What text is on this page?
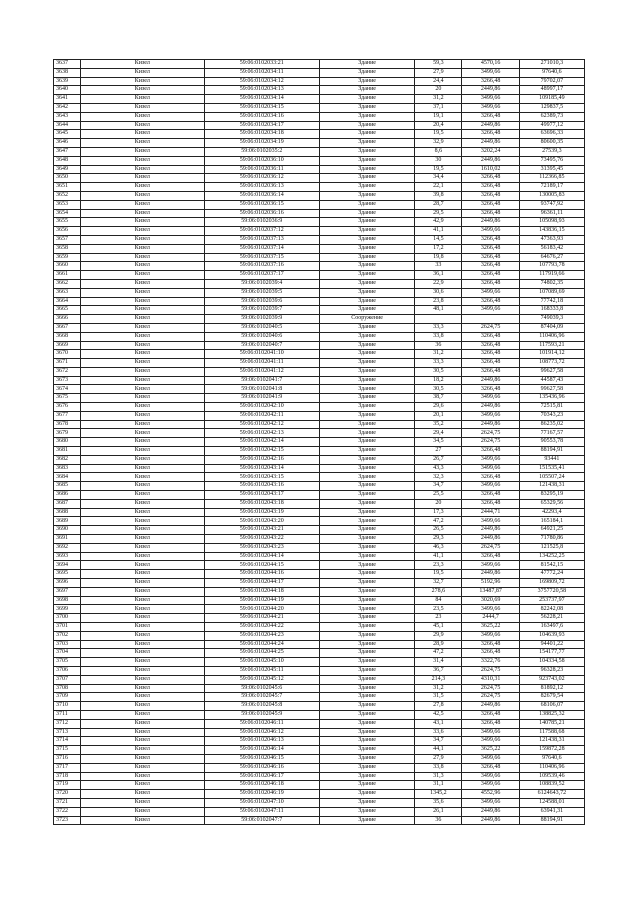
3637	Кизел	59:06:0102033:21	Здание	59,3	4570,16	271010,3
3638	Кизел	59:06:0102034:11	Здание	27,9	3499,66	97640,6
3639	Кизел	59:06:0102034:12	Здание	24,4	3266,48	79702,07
3640	Кизел	59:06:0102034:13	Здание	20	2449,86	48997,17
3641	Кизел	59:06:0102034:14	Здание	31,2	3499,66	109185,49
3642	Кизел	59:06:0102034:15	Здание	37,1	3499,66	129837,5
3643	Кизел	59:06:0102034:16	Здание	19,1	3266,48	62389,73
3644	Кизел	59:06:0102034:17	Здание	20,4	2449,86	49977,12
3645	Кизел	59:06:0102034:18	Здание	19,5	3266,48	63696,33
3646	Кизел	59:06:0102034:19	Здание	32,9	2449,86	80600,35
3647	Кизел	59:06:0102035:2	Здание	8,6	3202,24	27539,3
3648	Кизел	59:06:0102036:10	Здание	30	2449,86	73495,76
3649	Кизел	59:06:0102036:11	Здание	19,5	1610,02	31395,45
3650	Кизел	59:06:0102036:12	Здание	34,4	3266,48	112366,85
3651	Кизел	59:06:0102036:13	Здание	22,1	3266,48	72189,17
3652	Кизел	59:06:0102036:14	Здание	39,8	3266,48	130005,83
3653	Кизел	59:06:0102036:15	Здание	28,7	3266,48	93747,92
3654	Кизел	59:06:0102036:16	Здание	29,5	3266,48	96361,11
3655	Кизел	59:06:0102036:9	Здание	42,9	2449,86	105098,93
3656	Кизел	59:06:0102037:12	Здание	41,1	3499,66	143836,15
3657	Кизел	59:06:0102037:13	Здание	14,5	3266,48	47363,93
3658	Кизел	59:06:0102037:14	Здание	17,2	3266,48	56183,42
3659	Кизел	59:06:0102037:15	Здание	19,8	3266,48	64676,27
3660	Кизел	59:06:0102037:16	Здание	33	3266,48	107793,78
3661	Кизел	59:06:0102037:17	Здание	36,1	3266,48	117919,66
3662	Кизел	59:06:0102039:4	Здание	22,9	3266,48	74802,35
3663	Кизел	59:06:0102039:5	Здание	30,6	3499,66	107089,69
3664	Кизел	59:06:0102039:6	Здание	23,8	3266,48	77742,18
3665	Кизел	59:06:0102039:7	Здание	48,1	3499,66	168333,8
3666	Кизел	59:06:0102039:9	Сооружение			749039,3
3667	Кизел	59:06:0102040:5	Здание	33,3	2624,75	87404,09
3668	Кизел	59:06:0102040:6	Здание	33,8	3266,48	110406,96
3669	Кизел	59:06:0102040:7	Здание	36	3266,48	117593,21
3670	Кизел	59:06:0102041:10	Здание	31,2	3266,48	101914,12
3671	Кизел	59:06:0102041:11	Здание	33,3	3266,48	108773,72
3672	Кизел	59:06:0102041:12	Здание	30,5	3266,48	99627,58
3673	Кизел	59:06:0102041:7	Здание	18,2	2449,86	44587,43
3674	Кизел	59:06:0102041:8	Здание	30,5	3266,48	99627,58
3675	Кизел	59:06:0102041:9	Здание	38,7	3499,66	135436,96
3676	Кизел	59:06:0102042:10	Здание	29,6	2449,86	72515,81
3677	Кизел	59:06:0102042:11	Здание	20,1	3499,66	70343,23
3678	Кизел	59:06:0102042:12	Здание	35,2	2449,86	86235,02
3679	Кизел	59:06:0102042:13	Здание	29,4	2624,75	77167,57
3680	Кизел	59:06:0102042:14	Здание	34,5	2624,75	90553,78
3681	Кизел	59:06:0102042:15	Здание	27	3266,48	88194,91
3682	Кизел	59:06:0102042:16	Здание	26,7	3499,66	93441
3683	Кизел	59:06:0102043:14	Здание	43,3	3499,66	151535,41
3684	Кизел	59:06:0102043:15	Здание	32,3	3266,48	105507,24
3685	Кизел	59:06:0102043:16	Здание	34,7	3499,66	121438,31
3686	Кизел	59:06:0102043:17	Здание	25,5	3266,48	83295,19
3687	Кизел	59:06:0102043:18	Здание	20	3266,48	65329,56
3688	Кизел	59:06:0102043:19	Здание	17,3	2444,71	42293,4
3689	Кизел	59:06:0102043:20	Здание	47,2	3499,66	165184,1
3690	Кизел	59:06:0102043:21	Здание	26,5	2449,86	64921,25
3691	Кизел	59:06:0102043:22	Здание	29,3	2449,86	71780,86
3692	Кизел	59:06:0102043:23	Здание	46,3	2624,75	121525,8
3693	Кизел	59:06:0102044:14	Здание	41,1	3266,48	134252,25
3694	Кизел	59:06:0102044:15	Здание	23,3	3499,66	81542,15
3695	Кизел	59:06:0102044:16	Здание	19,5	2449,86	47772,24
3696	Кизел	59:06:0102044:17	Здание	32,7	5192,96	169809,72
3697	Кизел	59:06:0102044:18	Здание	278,6	13487,87	3757720,58
3698	Кизел	59:06:0102044:19	Здание	84	3020,69	253737,97
3699	Кизел	59:06:0102044:20	Здание	23,5	3499,66	82242,08
3700	Кизел	59:06:0102044:21	Здание	23	2444,7	56228,21
3701	Кизел	59:06:0102044:22	Здание	45,1	3625,22	163497,6
3702	Кизел	59:06:0102044:23	Здание	29,9	3499,66	104639,93
3703	Кизел	59:06:0102044:24	Здание	28,9	3266,48	94401,22
3704	Кизел	59:06:0102044:25	Здание	47,2	3266,48	154177,77
3705	Кизел	59:06:0102045:10	Здание	31,4	3322,76	104334,58
3706	Кизел	59:06:0102045:11	Здание	36,7	2624,75	96328,23
3707	Кизел	59:06:0102045:12	Здание	214,3	4310,31	923743,02
3708	Кизел	59:06:0102045:6	Здание	31,2	2624,75	81892,12
3709	Кизел	59:06:0102045:7	Здание	31,5	2624,75	82679,54
3710	Кизел	59:06:0102045:8	Здание	27,8	2449,86	68106,07
3711	Кизел	59:06:0102045:9	Здание	42,5	3266,48	138825,32
3712	Кизел	59:06:0102046:11	Здание	43,1	3266,48	140785,21
3713	Кизел	59:06:0102046:12	Здание	33,6	3499,66	117588,68
3714	Кизел	59:06:0102046:13	Здание	34,7	3499,66	121438,31
3715	Кизел	59:06:0102046:14	Здание	44,1	3625,22	159872,28
3716	Кизел	59:06:0102046:15	Здание	27,9	3499,66	97640,6
3717	Кизел	59:06:0102046:16	Здание	33,8	3266,48	110406,96
3718	Кизел	59:06:0102046:17	Здание	31,3	3499,66	109539,46
3719	Кизел	59:06:0102046:18	Здание	31,1	3499,66	108839,52
3720	Кизел	59:06:0102046:19	Здание	1345,2	4552,96	6124643,72
3721	Кизел	59:06:0102047:10	Здание	35,6	3499,66	124588,01
3722	Кизел	59:06:0102047:11	Здание	26,1	2449,86	63941,31
3723	Кизел	59:06:0102047:7	Здание	36	2449,86	88194,91
